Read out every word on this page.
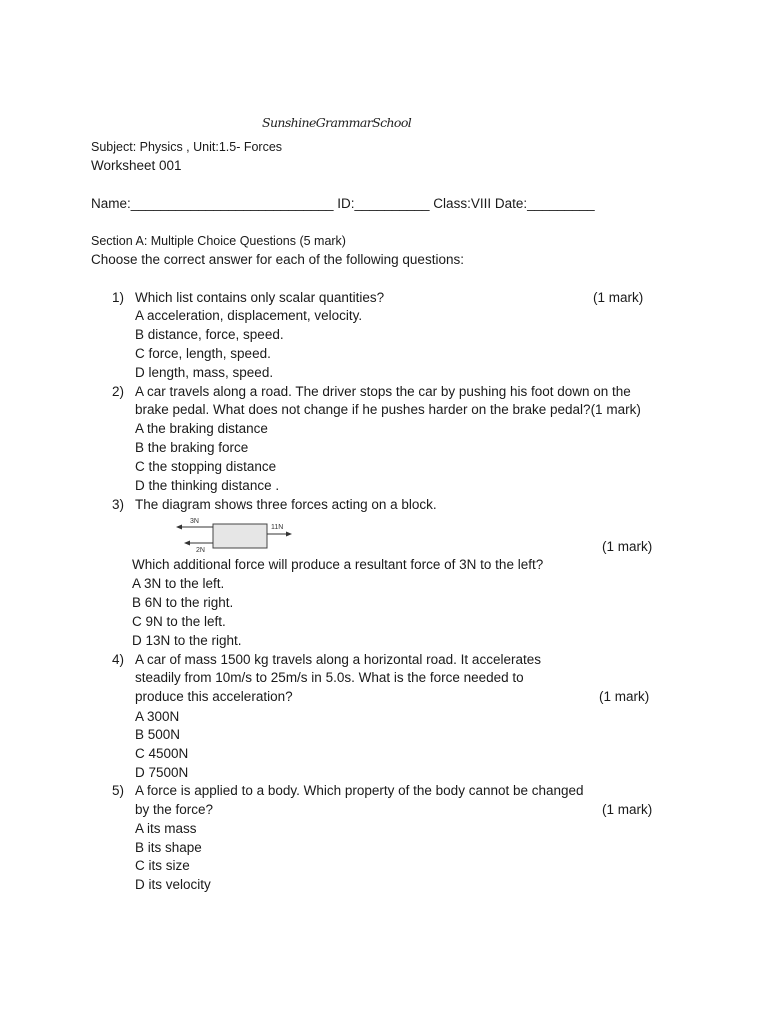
SunshineGrammarSchool
Subject: Physics , Unit:1.5- Forces
Worksheet 001
Name:___________________________ ID:__________ Class:VIII Date:_________
Section A: Multiple Choice Questions (5 mark)
Choose the correct answer for each of the following questions:
1) Which list contains only scalar quantities?	(1 mark)
A acceleration, displacement, velocity.
B distance, force, speed.
C force, length, speed.
D length, mass, speed.
2) A car travels along a road. The driver stops the car by pushing his foot down on the
brake pedal. What does not change if he pushes harder on the brake pedal?(1 mark)
A the braking distance
B the braking force
C the stopping distance
D the thinking distance .
3) The diagram shows three forces acting on a block.
3N
11N
2N	(1 mark)
Which additional force will produce a resultant force of 3N to the left?
A 3N to the left.
B 6N to the right.
C 9N to the left.
D 13N to the right.
4) A car of mass 1500 kg travels along a horizontal road. It accelerates
steadily from 10m/s to 25m/s in 5.0s. What is the force needed to
produce this acceleration?	(1 mark)
A 300N
B 500N
C 4500N
D 7500N
5) A force is applied to a body. Which property of the body cannot be changed
by the force?	(1 mark)
A its mass
B its shape
C its size
D its velocity
